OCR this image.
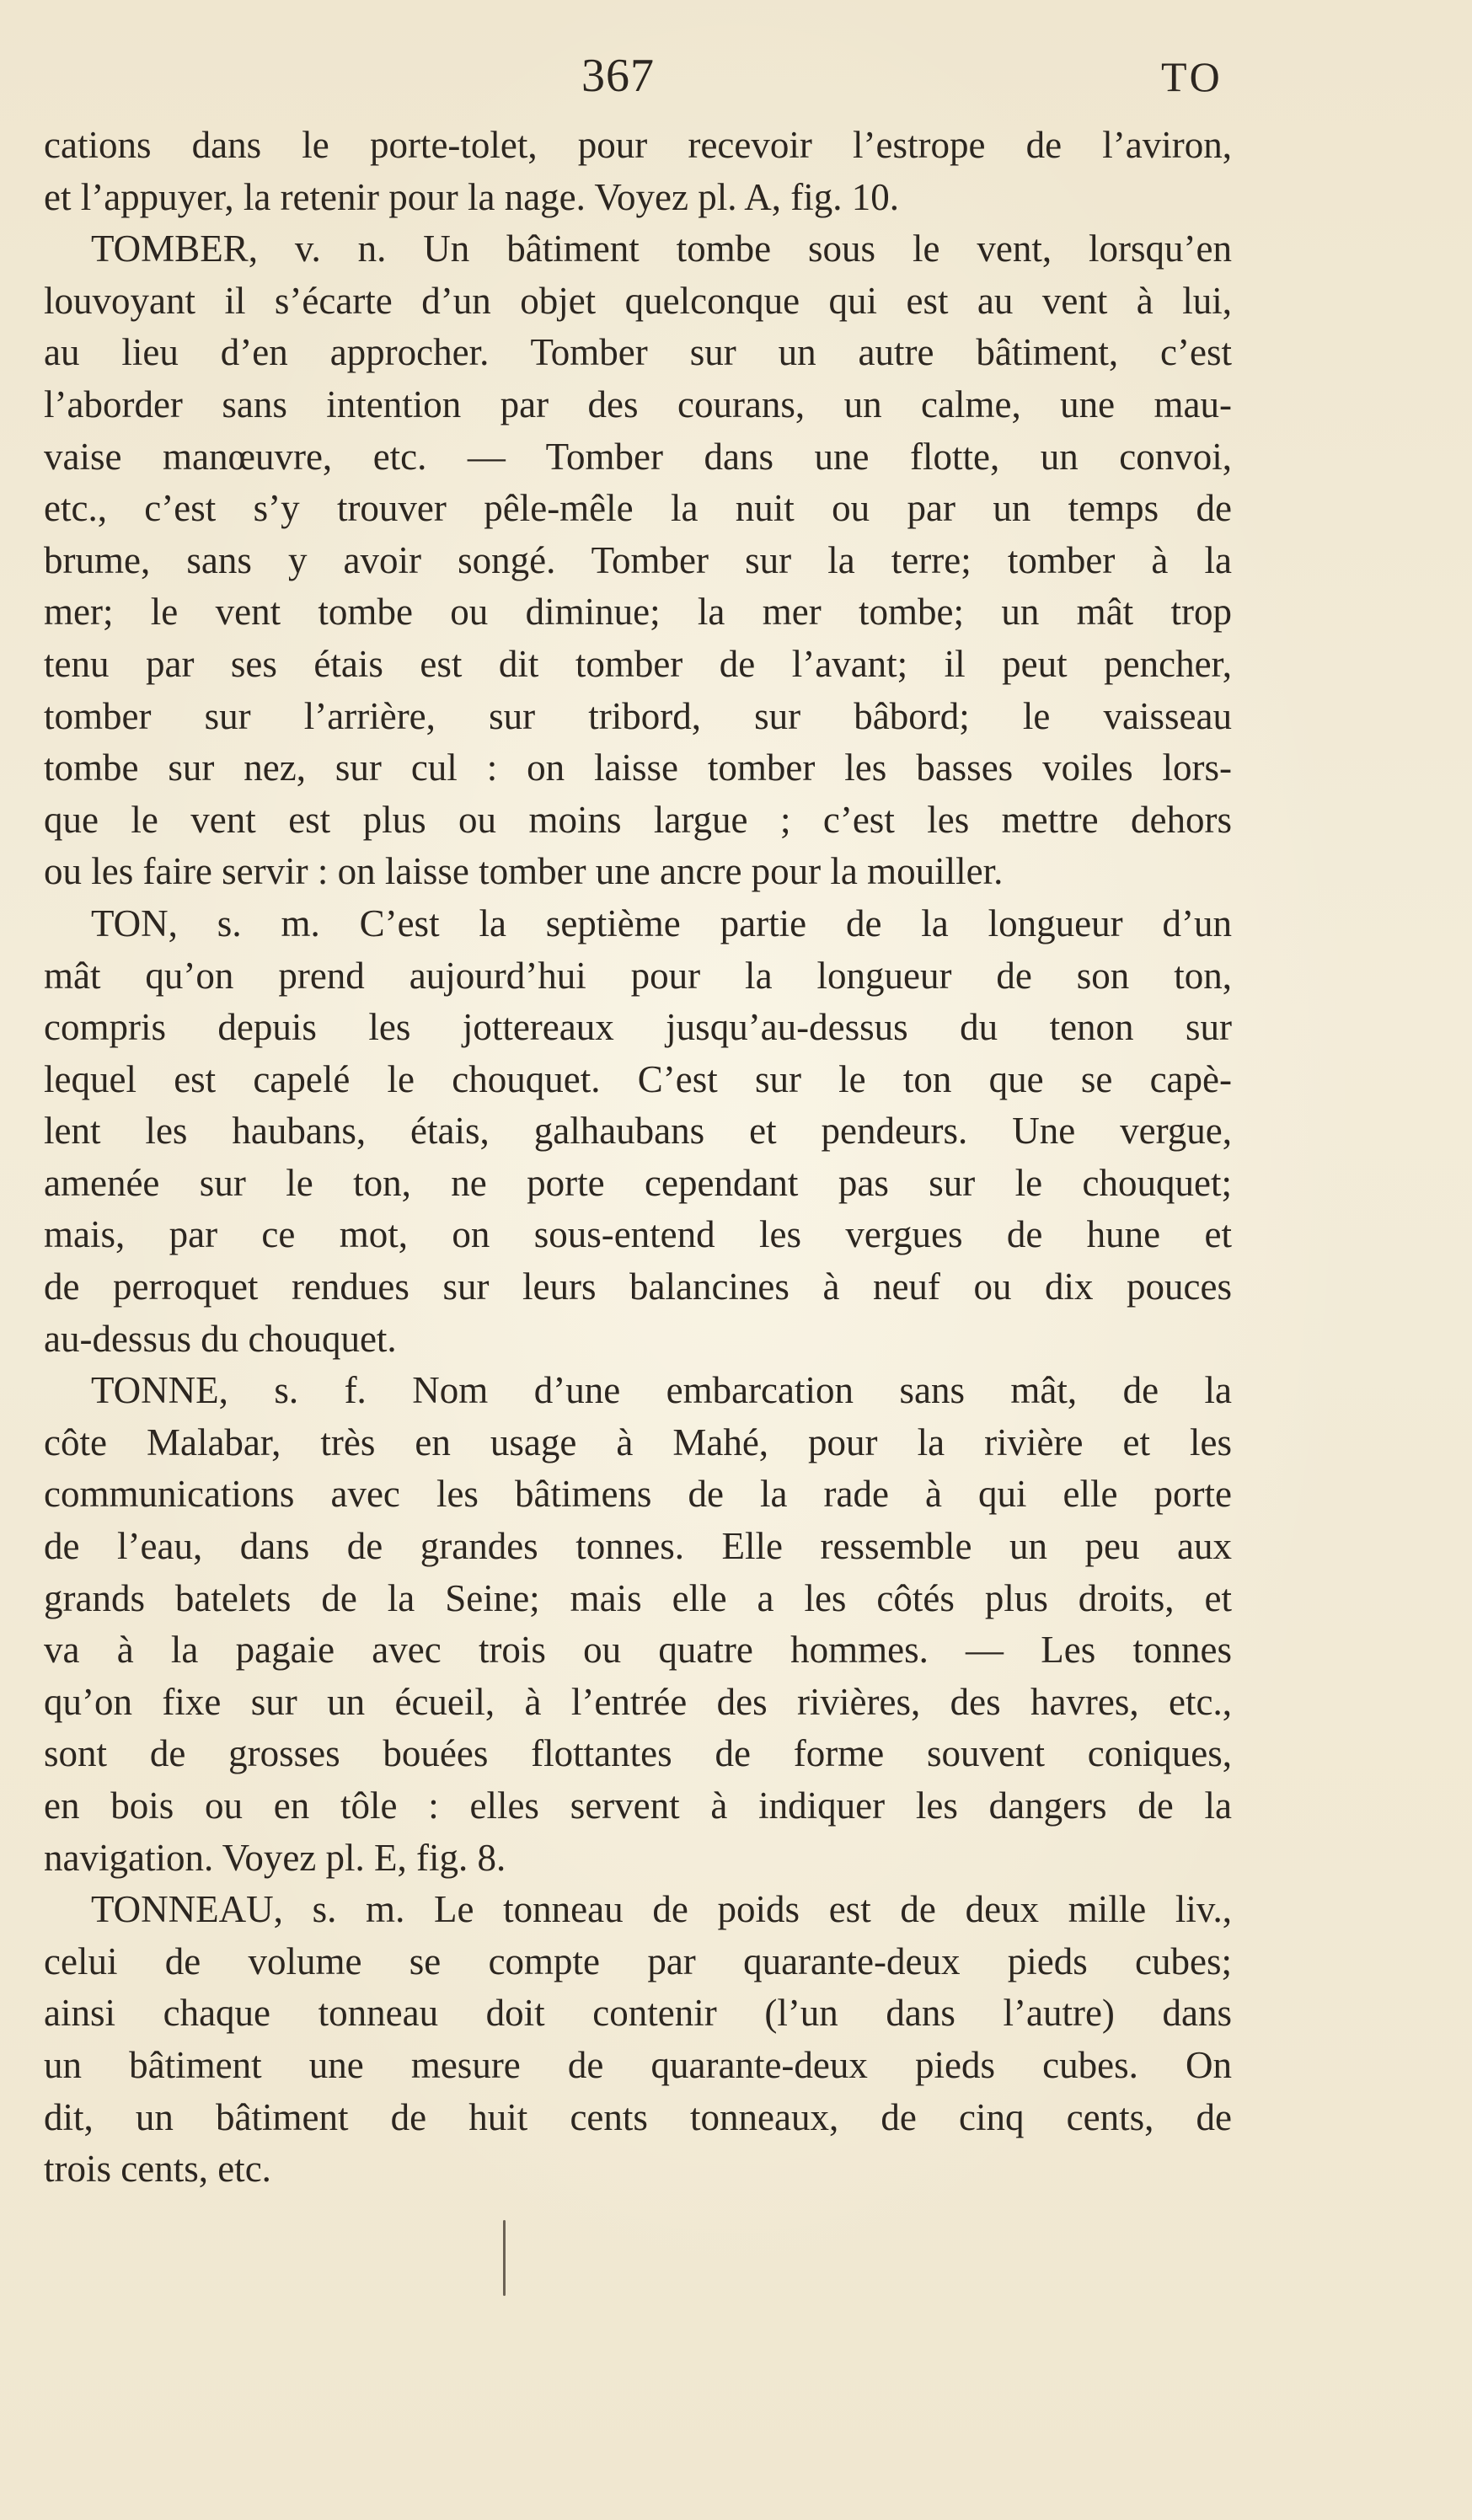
367	TO
cations dans le porte-tolet, pour recevoir l’estrope de l’aviron,
et l’appuyer, la retenir pour la nage. Voyez pl. A, fig. 10.
TOMBER, v. n. Un bâtiment tombe sous le vent, lorsqu’en
louvoyant il s’écarte d’un objet quelconque qui est au vent à lui,
au lieu d’en approcher. Tomber sur un autre bâtiment, c’est
l’aborder sans intention par des courans, un calme, une mau-
vaise manœuvre, etc. — Tomber dans une flotte, un convoi,
etc., c’est s’y trouver pêle-mêle la nuit ou par un temps de
brume, sans y avoir songé. Tomber sur la terre; tomber à la
mer; le vent tombe ou diminue; la mer tombe; un mât trop
tenu par ses étais est dit tomber de l’avant; il peut pencher,
tomber sur l’arrière, sur tribord, sur bâbord; le vaisseau
tombe sur nez, sur cul : on laisse tomber les basses voiles lors-
que le vent est plus ou moins largue ; c’est les mettre dehors
ou les faire servir : on laisse tomber une ancre pour la mouiller.
TON, s. m. C’est la septième partie de la longueur d’un
mât qu’on prend aujourd’hui pour la longueur de son ton,
compris depuis les jottereaux jusqu’au-dessus du tenon sur
lequel est capelé le chouquet. C’est sur le ton que se capè-
lent les haubans, étais, galhaubans et pendeurs. Une vergue,
amenée sur le ton, ne porte cependant pas sur le chouquet;
mais, par ce mot, on sous-entend les vergues de hune et
de perroquet rendues sur leurs balancines à neuf ou dix pouces
au-dessus du chouquet.
TONNE, s. f. Nom d’une embarcation sans mât, de la
côte Malabar, très en usage à Mahé, pour la rivière et les
communications avec les bâtimens de la rade à qui elle porte
de l’eau, dans de grandes tonnes. Elle ressemble un peu aux
grands batelets de la Seine; mais elle a les côtés plus droits, et
va à la pagaie avec trois ou quatre hommes. — Les tonnes
qu’on fixe sur un écueil, à l’entrée des rivières, des havres, etc.,
sont de grosses bouées flottantes de forme souvent coniques,
en bois ou en tôle : elles servent à indiquer les dangers de la
navigation. Voyez pl. E, fig. 8.
TONNEAU, s. m. Le tonneau de poids est de deux mille liv.,
celui de volume se compte par quarante-deux pieds cubes;
ainsi chaque tonneau doit contenir (l’un dans l’autre) dans
un bâtiment une mesure de quarante-deux pieds cubes. On
dit, un bâtiment de huit cents tonneaux, de cinq cents, de
trois cents, etc.
